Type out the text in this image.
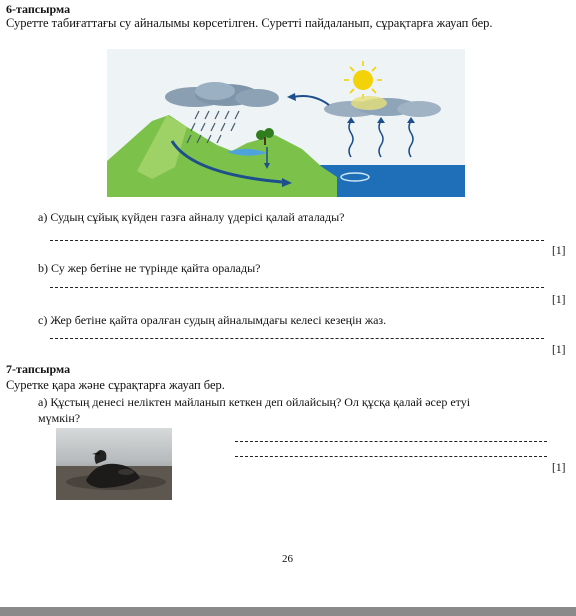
6-тапсырма
Суретте табиғаттағы су айналымы көрсетілген. Суретті пайдаланып, сұрақтарға жауап бер.
а) Судың сұйық күйден газға айналу үдерісі қалай аталады?
[1]
b) Су жер бетіне не түрінде қайта оралады?
[1]
c) Жер бетіне қайта оралған судың айналымдағы келесі кезеңін жаз.
[1]
7-тапсырма
Суретке қара және сұрақтарға жауап бер.
а) Құстың денесі неліктен майланып кеткен деп ойлайсың? Ол құсқа қалай әсер етуі
мүмкін?
[1]
26
